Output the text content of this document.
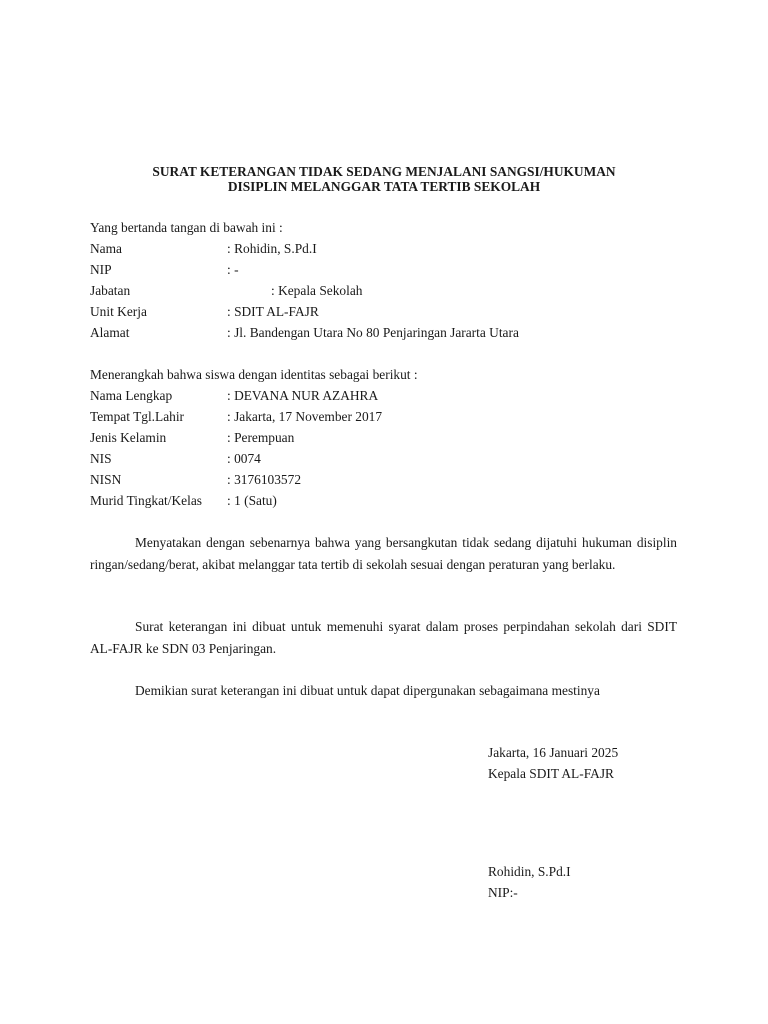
SURAT KETERANGAN TIDAK SEDANG MENJALANI SANGSI/HUKUMAN
DISIPLIN MELANGGAR TATA TERTIB SEKOLAH
Yang bertanda tangan di bawah ini :
Nama	: Rohidin, S.Pd.I
NIP	: -
Jabatan	: Kepala Sekolah
Unit Kerja	: SDIT AL-FAJR
Alamat	: Jl. Bandengan Utara No 80 Penjaringan Jararta Utara
Menerangkah bahwa siswa dengan identitas sebagai berikut :
Nama Lengkap	: DEVANA NUR AZAHRA
Tempat Tgl.Lahir	: Jakarta, 17 November 2017
Jenis Kelamin	: Perempuan
NIS	: 0074
NISN	: 3176103572
Murid Tingkat/Kelas : 1 (Satu)
Menyatakan dengan sebenarnya bahwa yang bersangkutan tidak sedang dijatuhi hukuman disiplin ringan/sedang/berat, akibat melanggar tata tertib di sekolah sesuai dengan peraturan yang berlaku.
Surat keterangan ini dibuat untuk memenuhi syarat dalam proses perpindahan sekolah dari SDIT AL-FAJR ke SDN 03 Penjaringan.
Demikian surat keterangan ini dibuat untuk dapat dipergunakan sebagaimana mestinya
Jakarta, 16 Januari 2025
Kepala SDIT AL-FAJR
Rohidin, S.Pd.I
NIP:-
